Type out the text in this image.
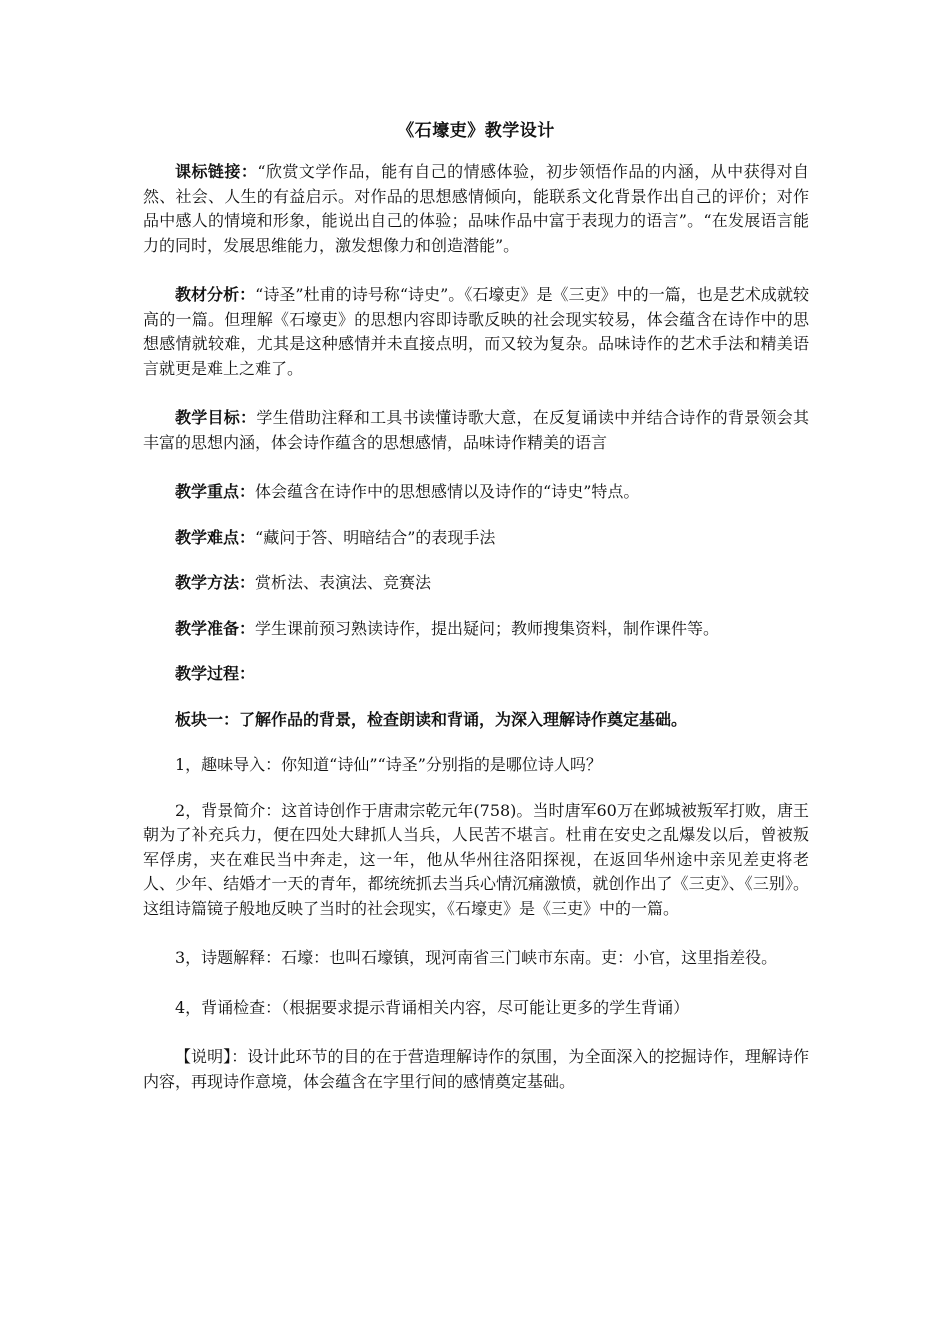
《石壕吏》教学设计

课标链接：“欣赏文学作品，能有自己的情感体验，初步领悟作品的内涵，从中获得对自然、社会、人生的有益启示。对作品的思想感情倾向，能联系文化背景作出自己的评价；对作品中感人的情境和形象，能说出自己的体验；品味作品中富于表现力的语言”。“在发展语言能力的同时，发展思维能力，激发想像力和创造潜能”。

教材分析：“诗圣”杜甫的诗号称“诗史”。《石壕吏》是《三吏》中的一篇，也是艺术成就较高的一篇。但理解《石壕吏》的思想内容即诗歌反映的社会现实较易，体会蕴含在诗作中的思想感情就较难，尤其是这种感情并未直接点明，而又较为复杂。品味诗作的艺术手法和精美语言就更是难上之难了。

教学目标：学生借助注释和工具书读懂诗歌大意，在反复诵读中并结合诗作的背景领会其丰富的思想内涵，体会诗作蕴含的思想感情，品味诗作精美的语言

教学重点：体会蕴含在诗作中的思想感情以及诗作的“诗史”特点。

教学难点：“藏问于答、明暗结合”的表现手法

教学方法：赏析法、表演法、竞赛法

教学准备：学生课前预习熟读诗作，提出疑问；教师搜集资料，制作课件等。

教学过程：

板块一：了解作品的背景，检查朗读和背诵，为深入理解诗作奠定基础。

1，趣味导入：你知道“诗仙”“诗圣”分别指的是哪位诗人吗？

2，背景简介：这首诗创作于唐肃宗乾元年(758)。当时唐军60万在邺城被叛军打败，唐王朝为了补充兵力，便在四处大肆抓人当兵，人民苦不堪言。杜甫在安史之乱爆发以后，曾被叛军俘虏，夹在难民当中奔走，这一年，他从华州往洛阳探视，在返回华州途中亲见差吏将老人、少年、结婚才一天的青年，都统统抓去当兵心情沉痛激愤，就创作出了《三吏》、《三别》。这组诗篇镜子般地反映了当时的社会现实，《石壕吏》是《三吏》中的一篇。

3，诗题解释：石壕：也叫石壕镇，现河南省三门峡市东南。吏：小官，这里指差役。

4，背诵检查：（根据要求提示背诵相关内容，尽可能让更多的学生背诵）

【说明】：设计此环节的目的在于营造理解诗作的氛围，为全面深入的挖掘诗作，理解诗作内容，再现诗作意境，体会蕴含在字里行间的感情奠定基础。
